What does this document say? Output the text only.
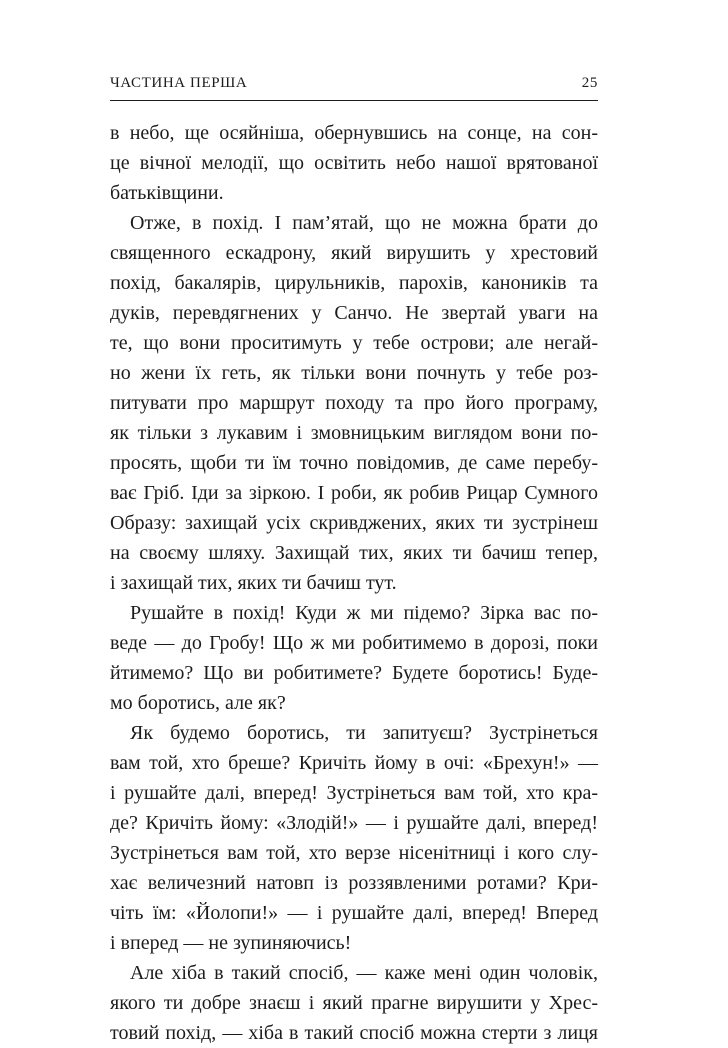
ЧАСТИНА ПЕРША	25
в небо, ще осяйніша, обернувшись на сонце, на сон-
це вічної мелодії, що освітить небо нашої врятованої
батьківщини.
Отже, в похід. І пам’ятай, що не можна брати до
священного ескадрону, який вирушить у хрестовий
похід, бакалярів, цирульників, парохів, каноників та
дуків, перевдягнених у Санчо. Не звертай уваги на
те, що вони проситимуть у тебе острови; але негай-
но жени їх геть, як тільки вони почнуть у тебе роз-
питувати про маршрут походу та про його програму,
як тільки з лукавим і змовницьким виглядом вони по-
просять, щоби ти їм точно повідомив, де саме перебу-
ває Гріб. Іди за зіркою. І роби, як робив Рицар Сумного
Образу: захищай усіх скривджених, яких ти зустрінеш
на своєму шляху. Захищай тих, яких ти бачиш тепер,
і захищай тих, яких ти бачиш тут.
Рушайте в похід! Куди ж ми підемо? Зірка вас по-
веде — до Гробу! Що ж ми робитимемо в дорозі, поки
йтимемо? Що ви робитимете? Будете боротись! Буде-
мо боротись, але як?
Як будемо боротись, ти запитуєш? Зустрінеться
вам той, хто бреше? Кричіть йому в очі: «Брехун!» —
і рушайте далі, вперед! Зустрінеться вам той, хто кра-
де? Кричіть йому: «Злодій!» — і рушайте далі, вперед!
Зустрінеться вам той, хто верзе нісенітниці і кого слу-
хає величезний натовп із роззявленими ротами? Кри-
чіть їм: «Йолопи!» — і рушайте далі, вперед! Вперед
і вперед — не зупиняючись!
Але хіба в такий спосіб, — каже мені один чоловік,
якого ти добре знаєш і який прагне вирушити у Хрес-
товий похід, — хіба в такий спосіб можна стерти з лиця
